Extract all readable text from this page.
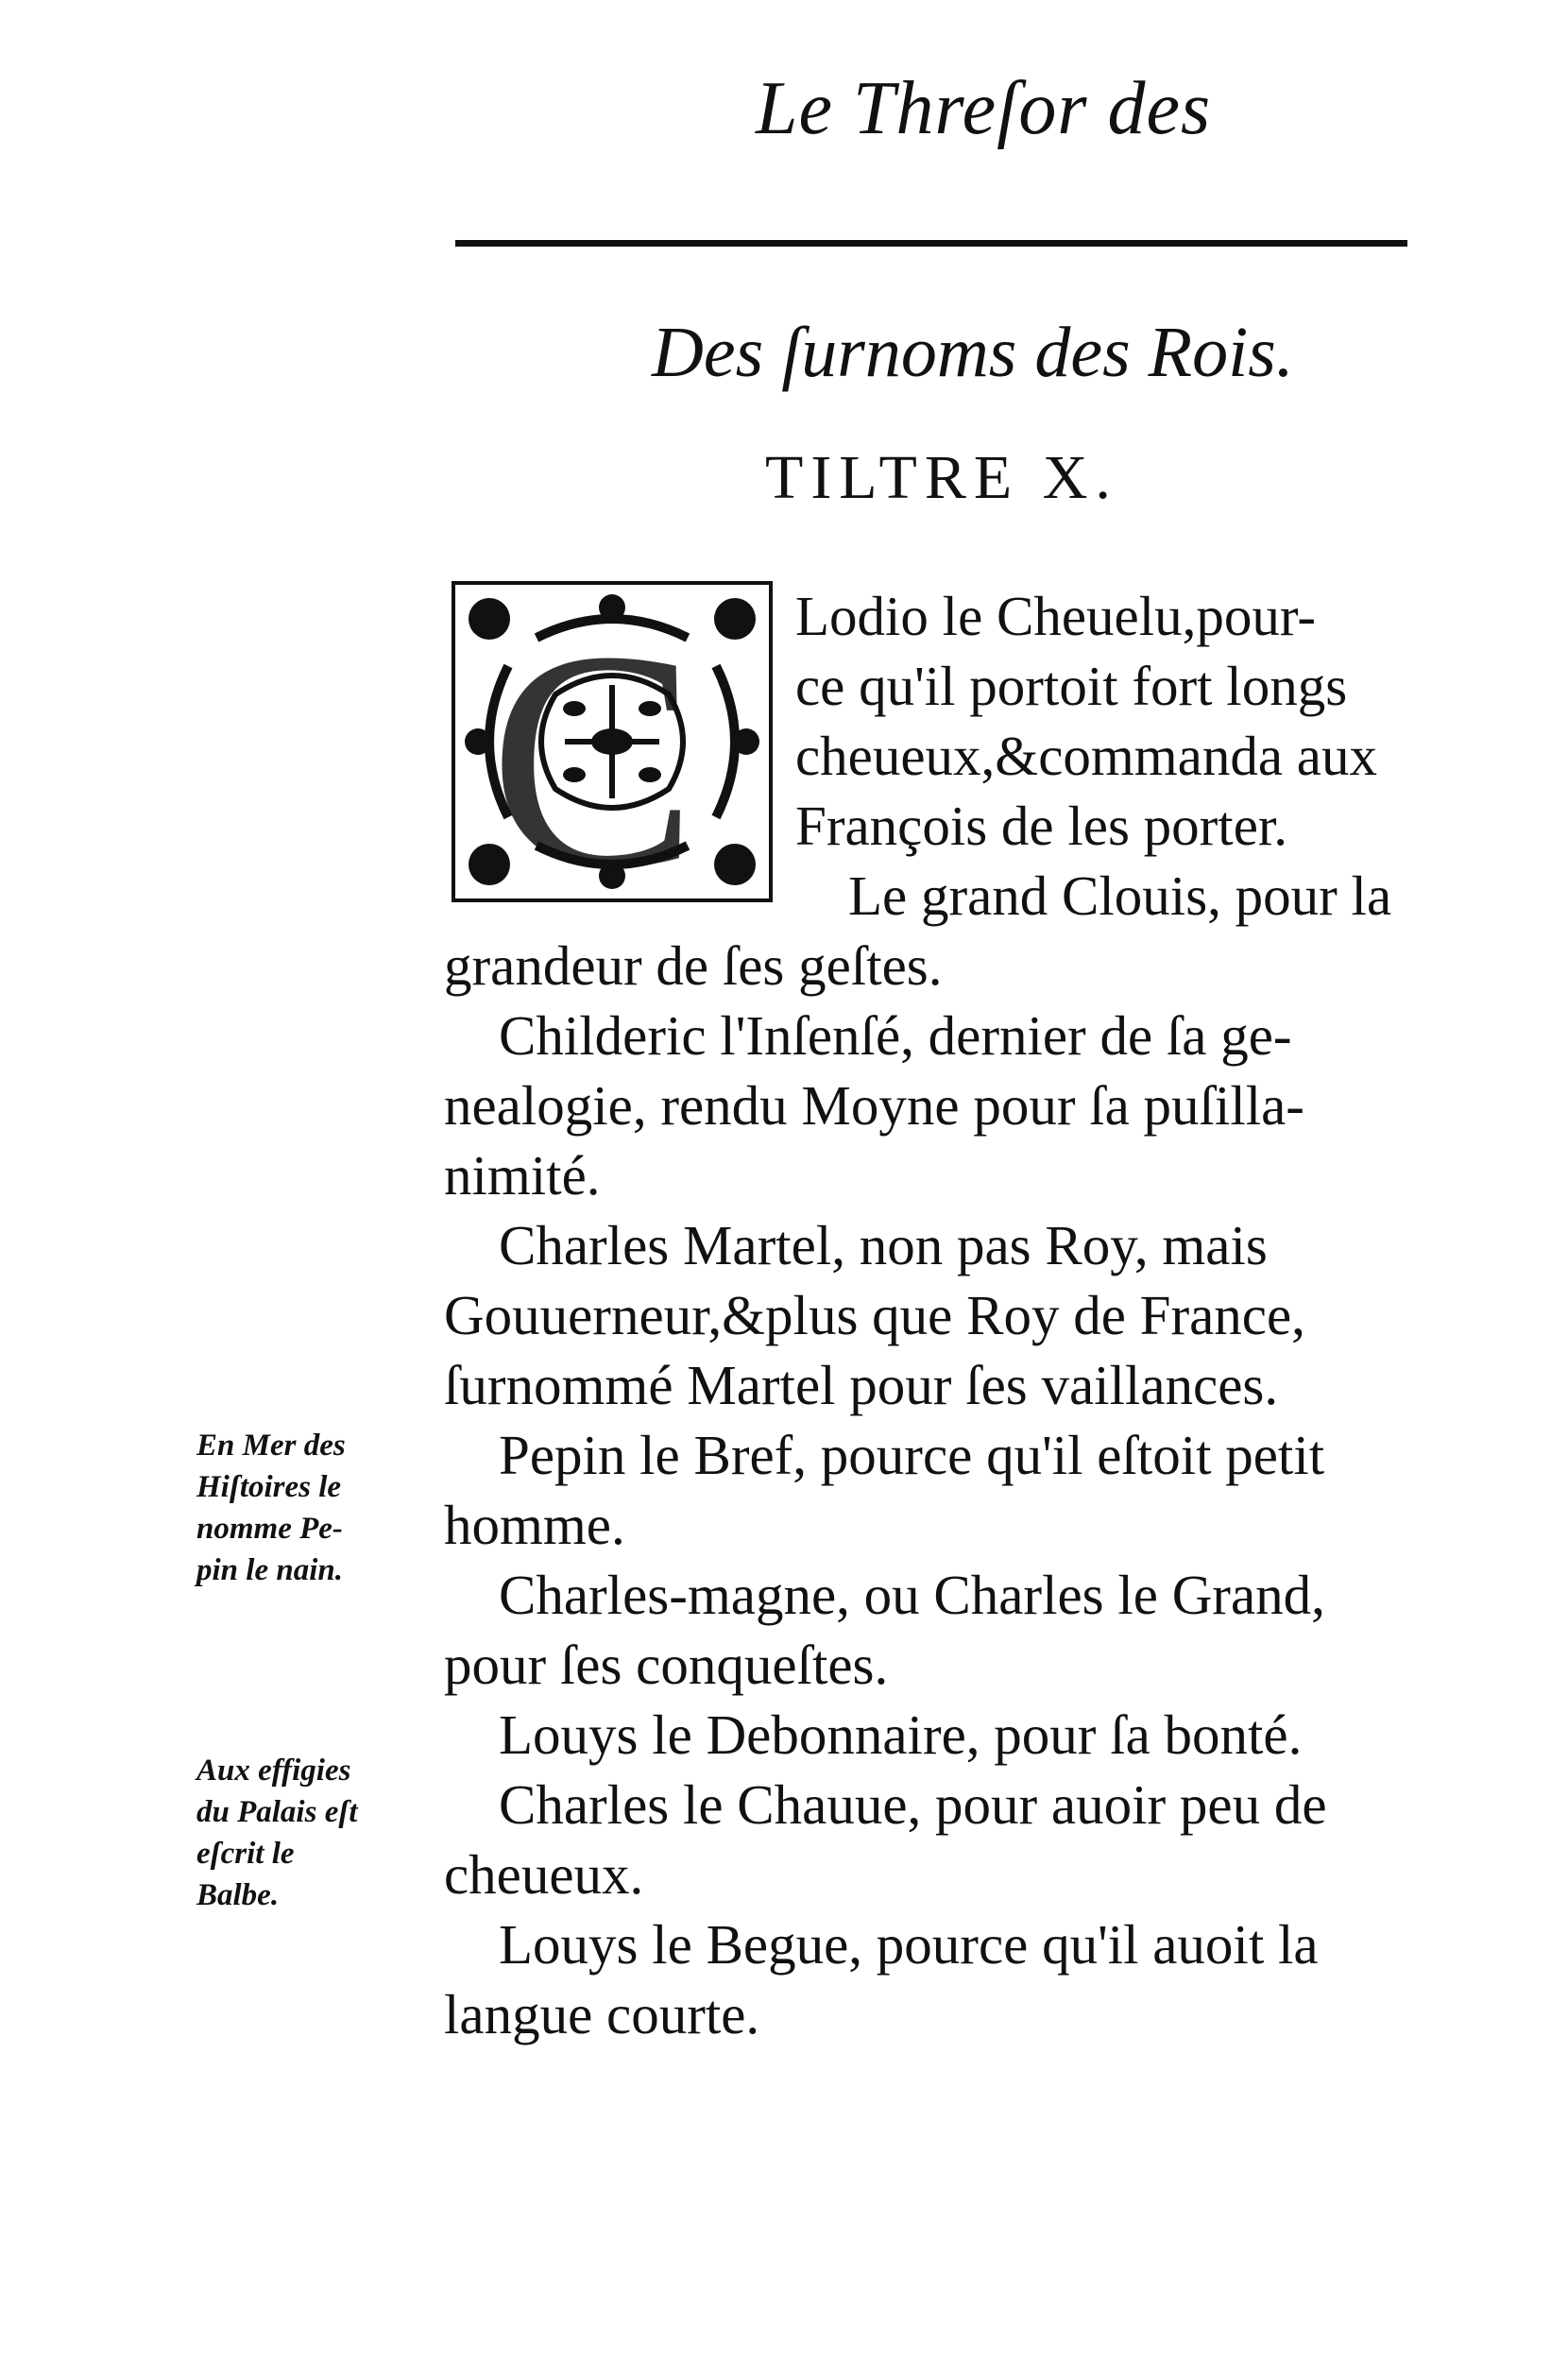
Le Threſor des
Des ſurnoms des Rois.
TILTRE X.
C Lodio le Cheuelu,pour-
ce qu'il portoit fort longs
cheueux,&commanda aux
François de les porter.
Le grand Clouis, pour la
grandeur de ſes geſtes.
Childeric l'Inſenſé, dernier de ſa ge-
nealogie, rendu Moyne pour ſa puſilla-
nimité.
Charles Martel, non pas Roy, mais
Gouuerneur,&plus que Roy de France,
ſurnommé Martel pour ſes vaillances.
Pepin le Bref, pource qu'il eſtoit petit
homme.
Charles-magne, ou Charles le Grand,
pour ſes conqueſtes.
Louys le Debonnaire, pour ſa bonté.
Charles le Chauue, pour auoir peu de
cheueux.
Louys le Begue, pource qu'il auoit la
langue courte.
En Mer des
Hiſtoires le
nomme Pe-
pin le nain.
Aux effigies
du Palais eſt
eſcrit le
Balbe.
